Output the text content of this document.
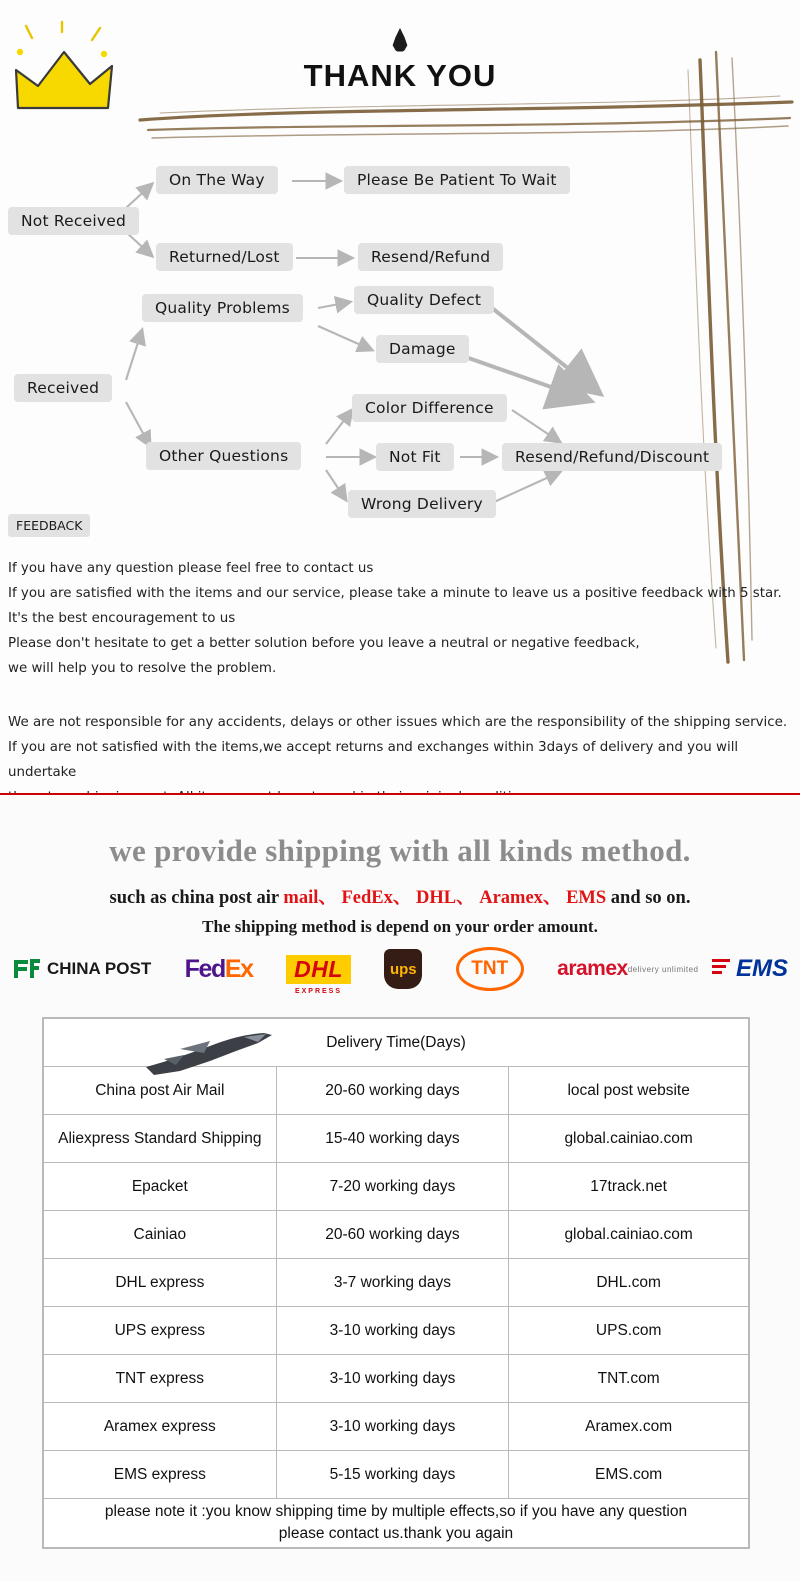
THANK YOU
On The Way	Please Be Patient To Wait
Not Received
Returned/Lost	Resend/Refund
Quality Problems	Quality Defect
Damage
Received
Color Difference
Other Questions	Not Fit	Resend/Refund/Discount
Wrong Delivery
FEEDBACK

If you have any question please feel free to contact us

If you are satisfied with the items and our service, please take a minute to leave us a positive feedback with 5 star.

It's the best encouragement to us

Please don't hesitate to get a better solution before you leave a neutral or negative feedback,

we will help you to resolve the problem.

We are not responsible for any accidents, delays or other issues which are the responsibility of the shipping service.

If you are not satisfied with the items,we accept returns and exchanges within 3days of delivery and you will undertake

we provide shipping with all kinds method.
such as china post air mail、 FedEx、 DHL、 Aramex、 EMS and so on.
The shipping method is depend on your order amount.
CHINA POST Fed Ex	DHL
EXPRESS
ups	TNT aramex delivery unlimited EMS
Delivery Time(Days)		
China post Air Mail	20-60 working days	local post website
Aliexpress Standard Shipping	15-40 working days	global.cainiao.com
Epacket	7-20 working days	17track.net
Cainiao	20-60 working days	global.cainiao.com
DHL express	3-7 working days	DHL.com
UPS express	3-10 working days	UPS.com
TNT express	3-10 working days	TNT.com
Aramex express	3-10 working days	Aramex.com
EMS express	5-15 working days	EMS.com

please note it :you know shipping time by multiple effects,so if you have any question
please contact us.thank you again		
